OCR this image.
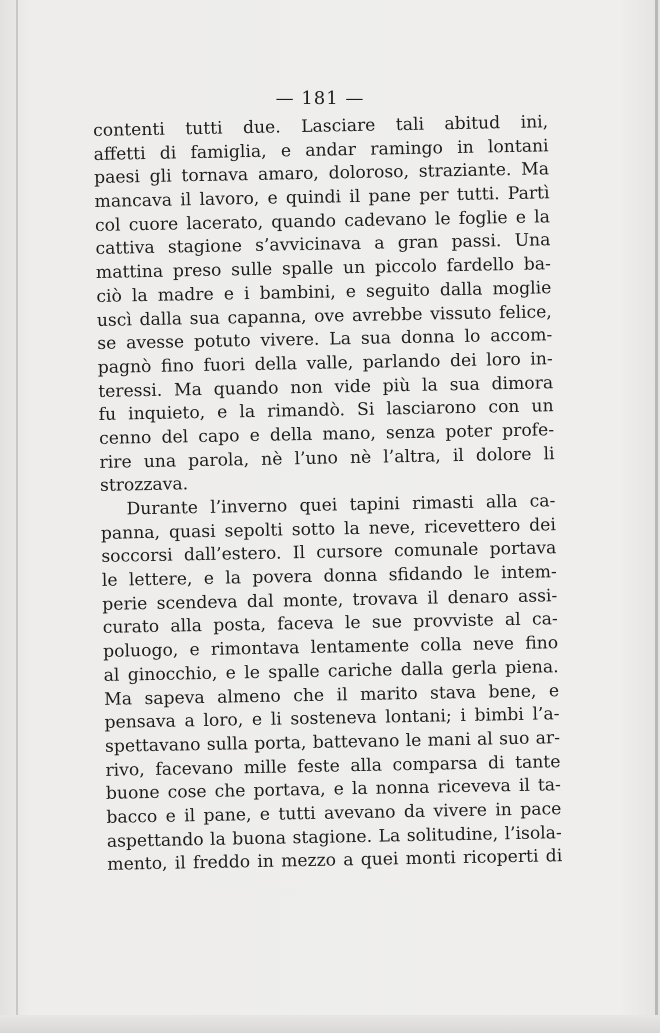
— 181 —
contenti tutti due. Lasciare tali abitud ini,
affetti di famiglia, e andar ramingo in lontani
paesi gli tornava amaro, doloroso, straziante. Ma
mancava il lavoro, e quindi il pane per tutti. Partì
col cuore lacerato, quando cadevano le foglie e la
cattiva stagione s’avvicinava a gran passi. Una
mattina preso sulle spalle un piccolo fardello ba-
ciò la madre e i bambini, e seguito dalla moglie
uscì dalla sua capanna, ove avrebbe vissuto felice,
se avesse potuto vivere. La sua donna lo accom-
pagnò fino fuori della valle, parlando dei loro in-
teressi. Ma quando non vide più la sua dimora
fu inquieto, e la rimandò. Si lasciarono con un
cenno del capo e della mano, senza poter profe-
rire una parola, nè l’uno nè l’altra, il dolore li
strozzava.
Durante l’inverno quei tapini rimasti alla ca-
panna, quasi sepolti sotto la neve, ricevettero dei
soccorsi dall’estero. Il cursore comunale portava
le lettere, e la povera donna sfidando le intem-
perie scendeva dal monte, trovava il denaro assi-
curato alla posta, faceva le sue provviste al ca-
poluogo, e rimontava lentamente colla neve fino
al ginocchio, e le spalle cariche dalla gerla piena.
Ma sapeva almeno che il marito stava bene, e
pensava a loro, e li sosteneva lontani; i bimbi l’a-
spettavano sulla porta, battevano le mani al suo ar-
rivo, facevano mille feste alla comparsa di tante
buone cose che portava, e la nonna riceveva il ta-
bacco e il pane, e tutti avevano da vivere in pace
aspettando la buona stagione. La solitudine, l’isola-
mento, il freddo in mezzo a quei monti ricoperti di
